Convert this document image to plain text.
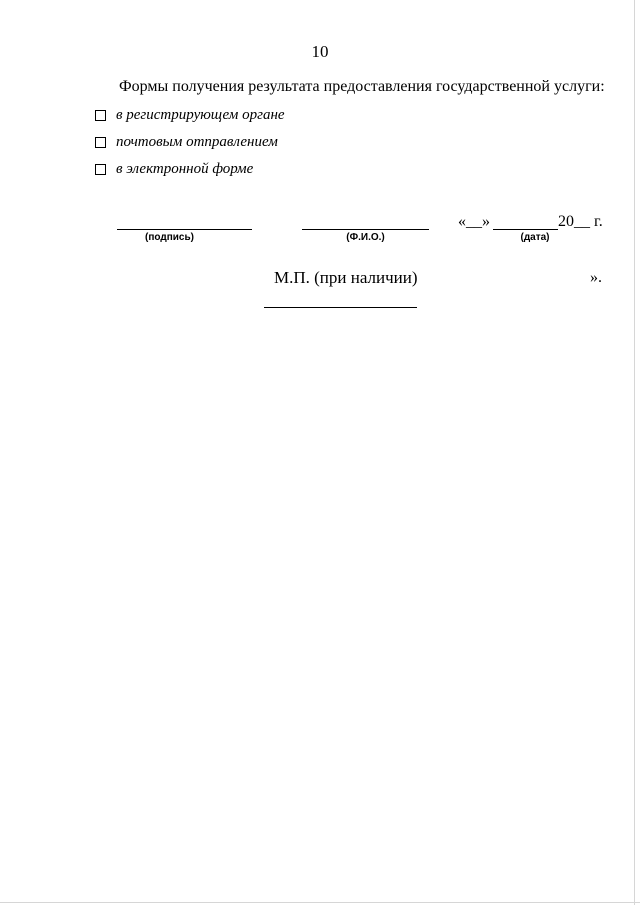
10
Формы получения результата предоставления государственной услуги:
в регистрирующем органе
почтовым отправлением
в электронной форме
(подпись)	(Ф.И.О.)
«__»	20__ г.
(дата)
М.П. (при наличии)	».
